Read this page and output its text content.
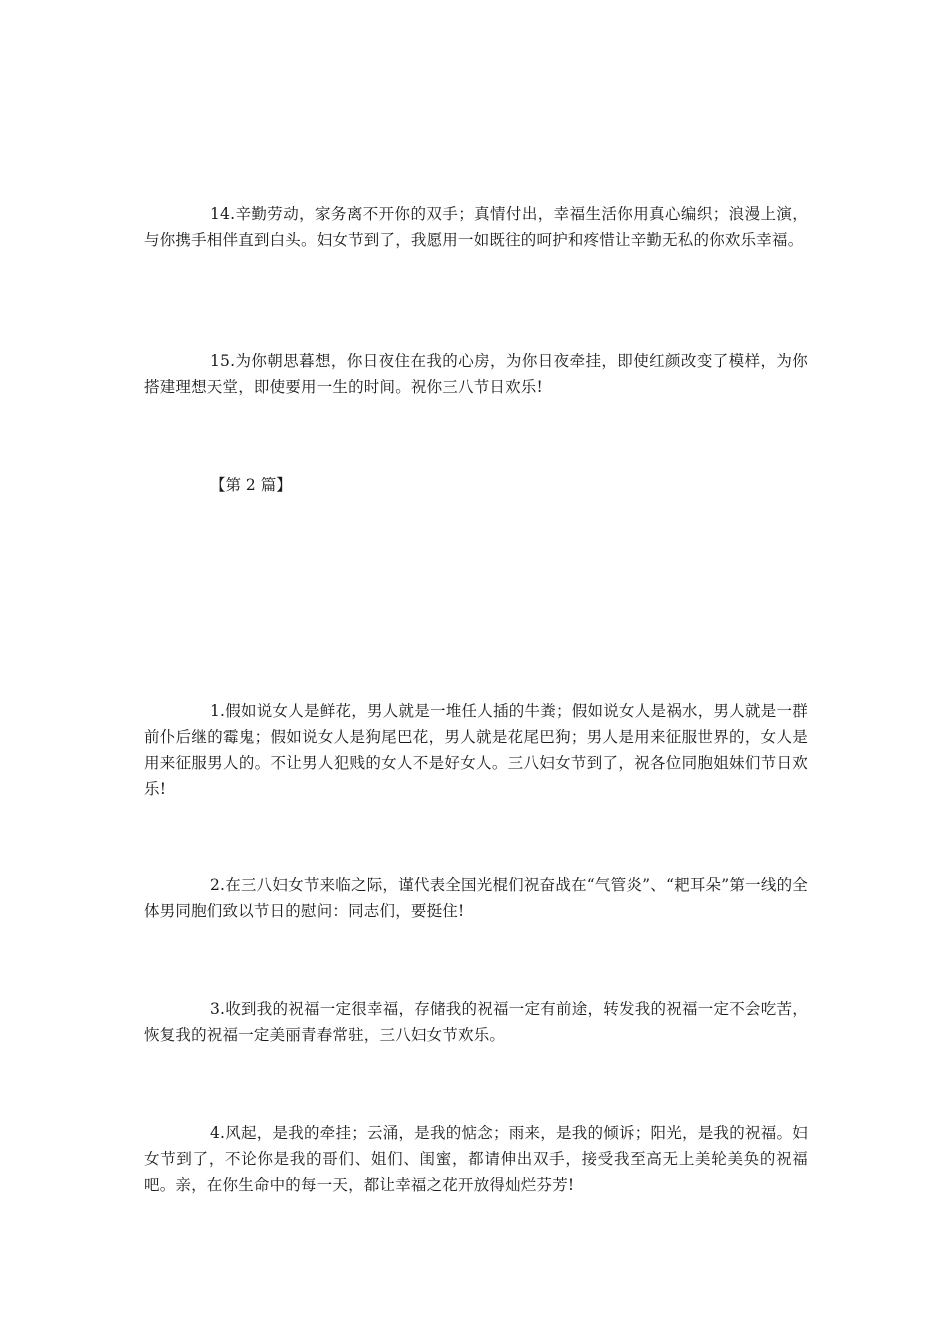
14.辛勤劳动，家务离不开你的双手；真情付出，幸福生活你用真心编织；浪漫上演，与你携手相伴直到白头。妇女节到了，我愿用一如既往的呵护和疼惜让辛勤无私的你欢乐幸福。

15.为你朝思暮想，你日夜住在我的心房，为你日夜牵挂，即使红颜改变了模样，为你搭建理想天堂，即使要用一生的时间。祝你三八节日欢乐!

【第 2 篇】

1.假如说女人是鲜花，男人就是一堆任人插的牛粪；假如说女人是祸水，男人就是一群前仆后继的霉鬼；假如说女人是狗尾巴花，男人就是花尾巴狗；男人是用来征服世界的，女人是用来征服男人的。不让男人犯贱的女人不是好女人。三八妇女节到了，祝各位同胞姐妹们节日欢乐!

2.在三八妇女节来临之际，谨代表全国光棍们祝奋战在“气管炎”、“耙耳朵”第一线的全体男同胞们致以节日的慰问：同志们，要挺住!

3.收到我的祝福一定很幸福，存储我的祝福一定有前途，转发我的祝福一定不会吃苦，恢复我的祝福一定美丽青春常驻，三八妇女节欢乐。

4.风起，是我的牵挂；云涌，是我的惦念；雨来，是我的倾诉；阳光，是我的祝福。妇女节到了，不论你是我的哥们、姐们、闺蜜，都请伸出双手，接受我至高无上美轮美奂的祝福吧。亲，在你生命中的每一天，都让幸福之花开放得灿烂芬芳!
